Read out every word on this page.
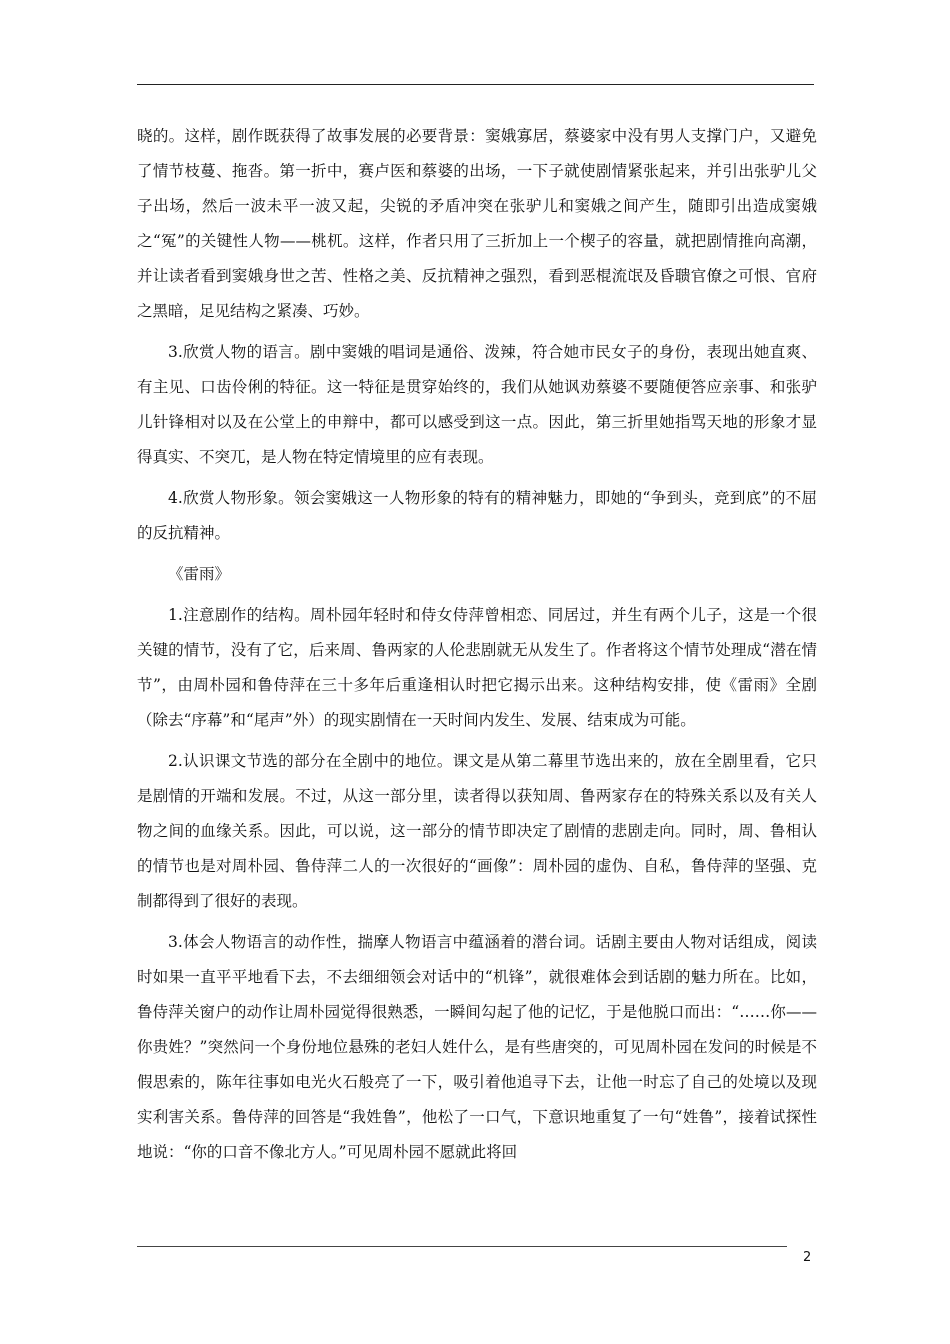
晓的。这样，剧作既获得了故事发展的必要背景：窦娥寡居，蔡婆家中没有男人支撑门户，又避免了情节枝蔓、拖沓。第一折中，赛卢医和蔡婆的出场，一下子就使剧情紧张起来，并引出张驴儿父子出场，然后一波未平一波又起，尖锐的矛盾冲突在张驴儿和窦娥之间产生，随即引出造成窦娥之“冤”的关键性人物——桃杌。这样，作者只用了三折加上一个楔子的容量，就把剧情推向高潮，并让读者看到窦娥身世之苦、性格之美、反抗精神之强烈，看到恶棍流氓及昏聩官僚之可恨、官府之黑暗，足见结构之紧凑、巧妙。

3.欣赏人物的语言。剧中窦娥的唱词是通俗、泼辣，符合她市民女子的身份，表现出她直爽、有主见、口齿伶俐的特征。这一特征是贯穿始终的，我们从她讽劝蔡婆不要随便答应亲事、和张驴儿针锋相对以及在公堂上的申辩中，都可以感受到这一点。因此，第三折里她指骂天地的形象才显得真实、不突兀，是人物在特定情境里的应有表现。

4.欣赏人物形象。领会窦娥这一人物形象的特有的精神魅力，即她的“争到头，竞到底”的不屈的反抗精神。

《雷雨》

1.注意剧作的结构。周朴园年轻时和侍女侍萍曾相恋、同居过，并生有两个儿子，这是一个很关键的情节，没有了它，后来周、鲁两家的人伦悲剧就无从发生了。作者将这个情节处理成“潜在情节”，由周朴园和鲁侍萍在三十多年后重逢相认时把它揭示出来。这种结构安排，使《雷雨》全剧（除去“序幕”和“尾声”外）的现实剧情在一天时间内发生、发展、结束成为可能。

2.认识课文节选的部分在全剧中的地位。课文是从第二幕里节选出来的，放在全剧里看，它只是剧情的开端和发展。不过，从这一部分里，读者得以获知周、鲁两家存在的特殊关系以及有关人物之间的血缘关系。因此，可以说，这一部分的情节即决定了剧情的悲剧走向。同时，周、鲁相认的情节也是对周朴园、鲁侍萍二人的一次很好的“画像”：周朴园的虚伪、自私，鲁侍萍的坚强、克制都得到了很好的表现。

3.体会人物语言的动作性，揣摩人物语言中蕴涵着的潜台词。话剧主要由人物对话组成，阅读时如果一直平平地看下去，不去细细领会对话中的“机锋”，就很难体会到话剧的魅力所在。比如，鲁侍萍关窗户的动作让周朴园觉得很熟悉，一瞬间勾起了他的记忆，于是他脱口而出：“……你——你贵姓？”突然问一个身份地位悬殊的老妇人姓什么，是有些唐突的，可见周朴园在发问的时候是不假思索的，陈年往事如电光火石般亮了一下，吸引着他追寻下去，让他一时忘了自己的处境以及现实利害关系。鲁侍萍的回答是“我姓鲁”，他松了一口气，下意识地重复了一句“姓鲁”，接着试探性地说：“你的口音不像北方人。”可见周朴园不愿就此将回

2
